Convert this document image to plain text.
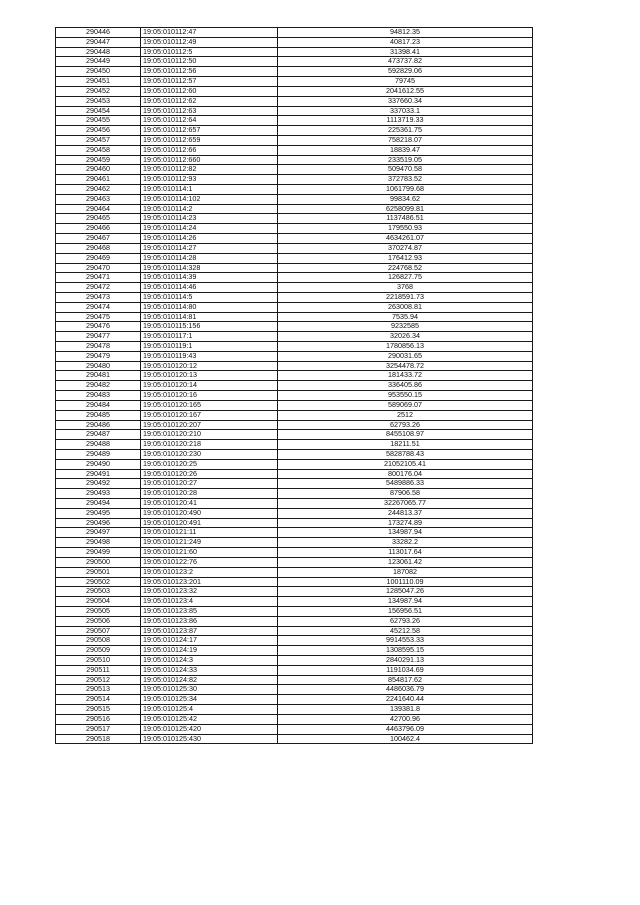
290446	19:05:010112:47	94812.35
290447	19:05:010112:49	40817.23
290448	19:05:010112:5	31398.41
290449	19:05:010112:50	473737.82
290450	19:05:010112:56	592829.06
290451	19:05:010112:57	79745
290452	19:05:010112:60	2041612.55
290453	19:05:010112:62	337660.34
290454	19:05:010112:63	337033.1
290455	19:05:010112:64	1113719.33
290456	19:05:010112:657	225361.75
290457	19:05:010112:659	758218.07
290458	19:05:010112:66	18839.47
290459	19:05:010112:660	233519.05
290460	19:05:010112:82	509470.58
290461	19:05:010112:93	372783.52
290462	19:05:010114:1	1061799.68
290463	19:05:010114:102	99834.62
290464	19:05:010114:2	6258099.81
290465	19:05:010114:23	1137486.51
290466	19:05:010114:24	179550.93
290467	19:05:010114:26	4634261.07
290468	19:05:010114:27	370274.87
290469	19:05:010114:28	176412.93
290470	19:05:010114:328	224768.52
290471	19:05:010114:39	126827.75
290472	19:05:010114:46	3768
290473	19:05:010114:5	2218591.73
290474	19:05:010114:80	263008.81
290475	19:05:010114:81	7535.94
290476	19:05:010115:156	9232585
290477	19:05:010117:1	32026.34
290478	19:05:010119:1	1780856.13
290479	19:05:010119:43	290031.65
290480	19:05:010120:12	3254478.72
290481	19:05:010120:13	181433.72
290482	19:05:010120:14	336405.86
290483	19:05:010120:16	953550.15
290484	19:05:010120:165	589069.07
290485	19:05:010120:167	2512
290486	19:05:010120:207	62793.26
290487	19:05:010120:210	8455108.97
290488	19:05:010120:218	18211.51
290489	19:05:010120:230	5828788.43
290490	19:05:010120:25	21052105.41
290491	19:05:010120:26	800176.04
290492	19:05:010120:27	5489886.33
290493	19:05:010120:28	87906.58
290494	19:05:010120:41	32267065.77
290495	19:05:010120:490	244813.37
290496	19:05:010120:491	173274.89
290497	19:05:010121:11	134987.94
290498	19:05:010121:249	33282.2
290499	19:05:010121:60	113017.64
290500	19:05:010122:76	123061.42
290501	19:05:010123:2	187082
290502	19:05:010123:201	1001110.09
290503	19:05:010123:32	1285047.26
290504	19:05:010123:4	134987.94
290505	19:05:010123:85	156956.51
290506	19:05:010123:86	62793.26
290507	19:05:010123:87	45212.58
290508	19:05:010124:17	9914553.33
290509	19:05:010124:19	1308595.15
290510	19:05:010124:3	2840291.13
290511	19:05:010124:33	1191034.69
290512	19:05:010124:82	854817.62
290513	19:05:010125:30	4486036.79
290514	19:05:010125:34	2241640.44
290515	19:05:010125:4	139381.8
290516	19:05:010125:42	42700.96
290517	19:05:010125:420	4463796.09
290518	19:05:010125:430	100462.4
